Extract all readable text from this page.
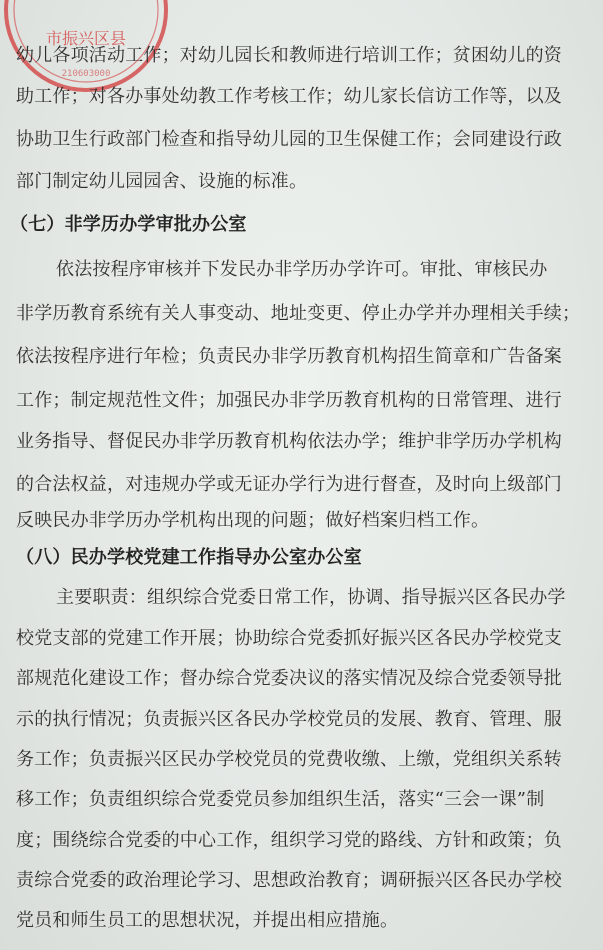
市振兴区县
210603000
幼儿各项活动工作；对幼儿园长和教师进行培训工作；贫困幼儿的资
助工作；对各办事处幼教工作考核工作；幼儿家长信访工作等，以及
协助卫生行政部门检查和指导幼儿园的卫生保健工作；会同建设行政
部门制定幼儿园园舍、设施的标准。
（七）非学历办学审批办公室
依法按程序审核并下发民办非学历办学许可。审批、审核民办
非学历教育系统有关人事变动、地址变更、停止办学并办理相关手续；
依法按程序进行年检；负责民办非学历教育机构招生简章和广告备案
工作；制定规范性文件；加强民办非学历教育机构的日常管理、进行
业务指导、督促民办非学历教育机构依法办学；维护非学历办学机构
的合法权益，对违规办学或无证办学行为进行督查，及时向上级部门
反映民办非学历办学机构出现的问题；做好档案归档工作。
（八）民办学校党建工作指导办公室办公室
主要职责：组织综合党委日常工作，协调、指导振兴区各民办学
校党支部的党建工作开展；协助综合党委抓好振兴区各民办学校党支
部规范化建设工作；督办综合党委决议的落实情况及综合党委领导批
示的执行情况；负责振兴区各民办学校党员的发展、教育、管理、服
务工作；负责振兴区民办学校党员的党费收缴、上缴，党组织关系转
移工作；负责组织综合党委党员参加组织生活，落实“三会一课”制
度；围绕综合党委的中心工作，组织学习党的路线、方针和政策；负
责综合党委的政治理论学习、思想政治教育；调研振兴区各民办学校
党员和师生员工的思想状况，并提出相应措施。
